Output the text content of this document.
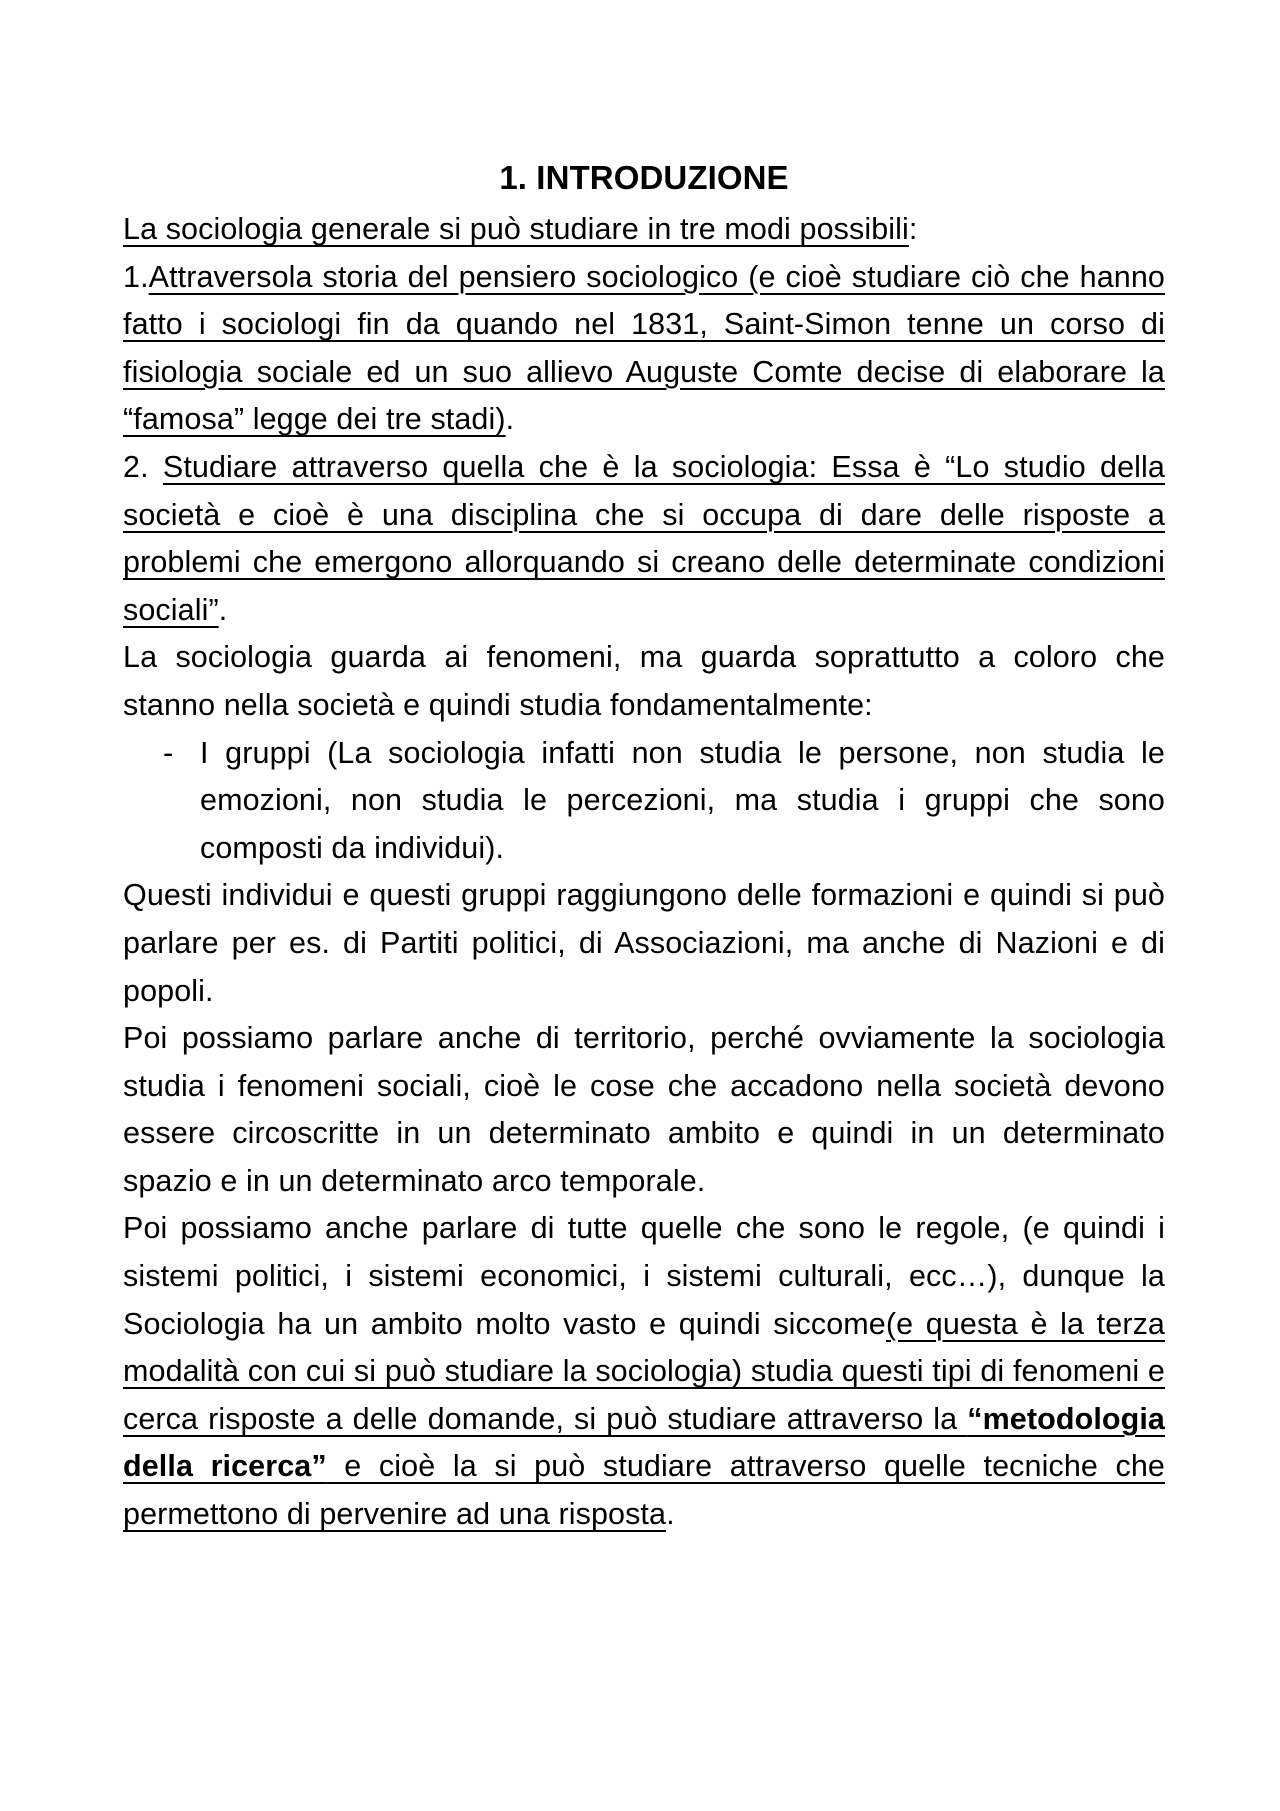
1. INTRODUZIONE

La sociologia generale si può studiare in tre modi possibili:

1.Attraversola storia del pensiero sociologico (e cioè studiare ciò che hanno fatto i sociologi fin da quando nel 1831, Saint-Simon tenne un corso di fisiologia sociale ed un suo allievo Auguste Comte decise di elaborare la “famosa” legge dei tre stadi).

2. Studiare attraverso quella che è la sociologia: Essa è “Lo studio della società e cioè è una disciplina che si occupa di dare delle risposte a problemi che emergono allorquando si creano delle determinate condizioni sociali”.

La sociologia guarda ai fenomeni, ma guarda soprattutto a coloro che stanno nella società e quindi studia fondamentalmente:

- I gruppi (La sociologia infatti non studia le persone, non studia le emozioni, non studia le percezioni, ma studia i gruppi che sono composti da individui).

Questi individui e questi gruppi raggiungono delle formazioni e quindi si può parlare per es. di Partiti politici, di Associazioni, ma anche di Nazioni e di popoli.

Poi possiamo parlare anche di territorio, perché ovviamente la sociologia studia i fenomeni sociali, cioè le cose che accadono nella società devono essere circoscritte in un determinato ambito e quindi in un determinato spazio e in un determinato arco temporale.

Poi possiamo anche parlare di tutte quelle che sono le regole, (e quindi i sistemi politici, i sistemi economici, i sistemi culturali, ecc…), dunque la Sociologia ha un ambito molto vasto e quindi siccome(e questa è la terza modalità con cui si può studiare la sociologia) studia questi tipi di fenomeni e cerca risposte a delle domande, si può studiare attraverso la “metodologia della ricerca” e cioè la si può studiare attraverso quelle tecniche che permettono di pervenire ad una risposta.
